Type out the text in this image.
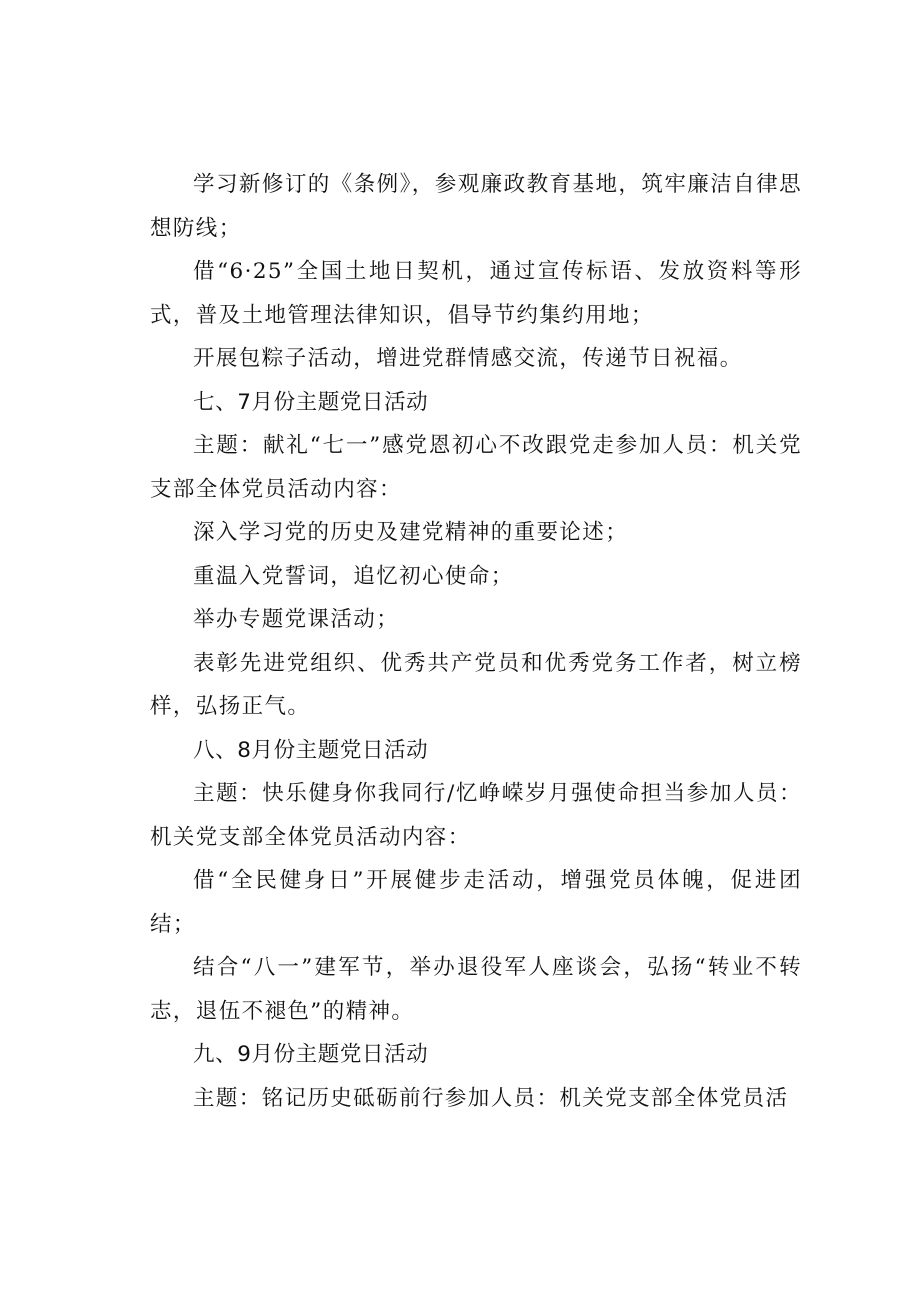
学习新修订的《条例》，参观廉政教育基地，筑牢廉洁自律思想防线；

借“6·25”全国土地日契机，通过宣传标语、发放资料等形式，普及土地管理法律知识，倡导节约集约用地；

开展包粽子活动，增进党群情感交流，传递节日祝福。

七、7月份主题党日活动

主题：献礼“七一”感党恩初心不改跟党走参加人员：机关党支部全体党员活动内容：

深入学习党的历史及建党精神的重要论述；

重温入党誓词，追忆初心使命；

举办专题党课活动；

表彰先进党组织、优秀共产党员和优秀党务工作者，树立榜样，弘扬正气。

八、8月份主题党日活动

主题：快乐健身你我同行/忆峥嵘岁月强使命担当参加人员：机关党支部全体党员活动内容：

借“全民健身日”开展健步走活动，增强党员体魄，促进团结；

结合“八一”建军节，举办退役军人座谈会，弘扬“转业不转志，退伍不褪色”的精神。

九、9月份主题党日活动

主题：铭记历史砥砺前行参加人员：机关党支部全体党员活
